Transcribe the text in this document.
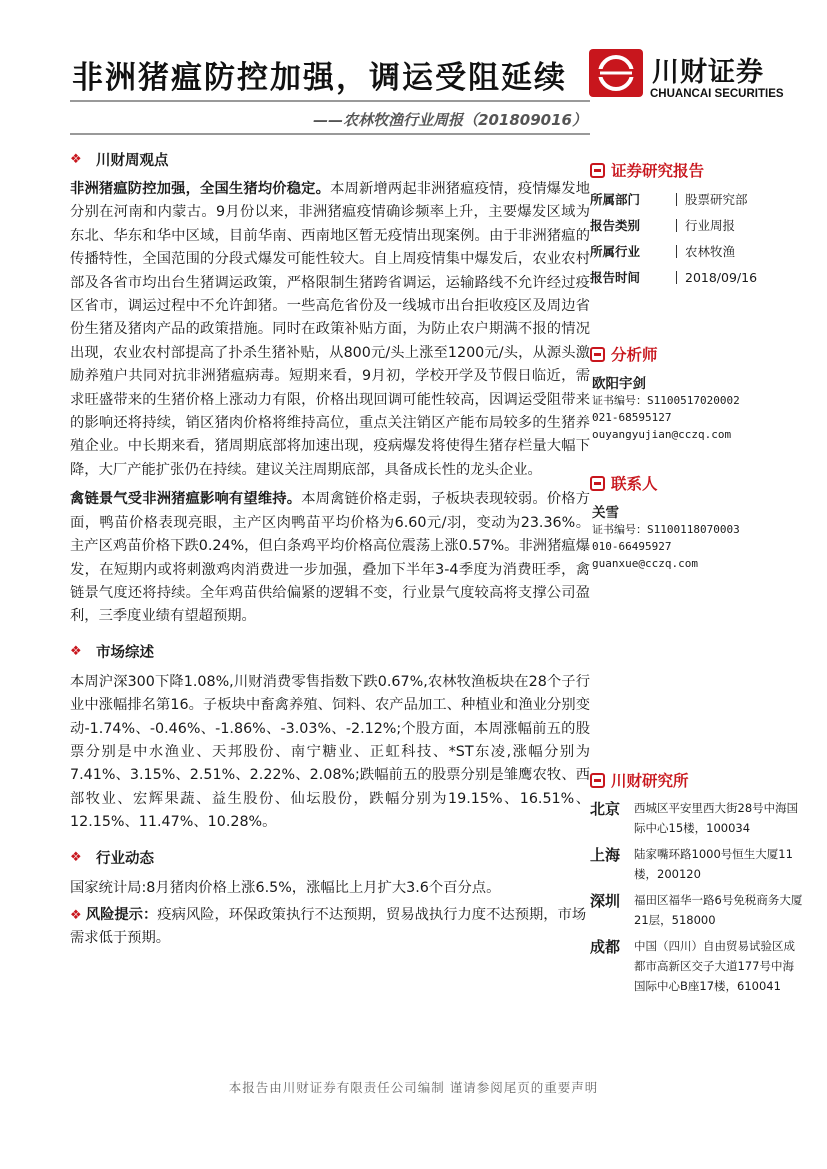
非洲猪瘟防控加强，调运受阻延续
——农林牧渔行业周报（201809016）
川财证券
CHUANCAI SECURITIES
❖ 川财周观点

非洲猪瘟防控加强，全国生猪均价稳定。本周新增两起非洲猪瘟疫情，疫情爆发地分别在河南和内蒙古。9月份以来，非洲猪瘟疫情确诊频率上升，主要爆发区域为东北、华东和华中区域，目前华南、西南地区暂无疫情出现案例。由于非洲猪瘟的传播特性，全国范围的分段式爆发可能性较大。自上周疫情集中爆发后，农业农村部及各省市均出台生猪调运政策，严格限制生猪跨省调运，运输路线不允许经过疫区省市，调运过程中不允许卸猪。一些高危省份及一线城市出台拒收疫区及周边省份生猪及猪肉产品的政策措施。同时在政策补贴方面，为防止农户期满不报的情况出现，农业农村部提高了扑杀生猪补贴，从800元/头上涨至1200元/头，从源头激励养殖户共同对抗非洲猪瘟病毒。短期来看，9月初，学校开学及节假日临近，需求旺盛带来的生猪价格上涨动力有限，价格出现回调可能性较高，因调运受阻带来的影响还将持续，销区猪肉价格将维持高位，重点关注销区产能布局较多的生猪养殖企业。中长期来看，猪周期底部将加速出现，疫病爆发将使得生猪存栏量大幅下降，大厂产能扩张仍在持续。建议关注周期底部，具备成长性的龙头企业。

禽链景气受非洲猪瘟影响有望维持。本周禽链价格走弱，子板块表现较弱。价格方面，鸭苗价格表现亮眼，主产区肉鸭苗平均价格为6.60元/羽，变动为23.36%。主产区鸡苗价格下跌0.24%，但白条鸡平均价格高位震荡上涨0.57%。非洲猪瘟爆发，在短期内或将刺激鸡肉消费进一步加强，叠加下半年3-4季度为消费旺季，禽链景气度还将持续。全年鸡苗供给偏紧的逻辑不变，行业景气度较高将支撑公司盈利，三季度业绩有望超预期。

❖ 市场综述

本周沪深300下降1.08%,川财消费零售指数下跌0.67%,农林牧渔板块在28个子行业中涨幅排名第16。子板块中畜禽养殖、饲料、农产品加工、种植业和渔业分别变动-1.74%、-0.46%、-1.86%、-3.03%、-2.12%;个股方面，本周涨幅前五的股票分别是中水渔业、天邦股份、南宁糖业、正虹科技、*ST东凌,涨幅分别为7.41%、3.15%、2.51%、2.22%、2.08%;跌幅前五的股票分别是雏鹰农牧、西部牧业、宏辉果蔬、益生股份、仙坛股份，跌幅分别为19.15%、16.51%、12.15%、11.47%、10.28%。

❖ 行业动态

国家统计局:8月猪肉价格上涨6.5%，涨幅比上月扩大3.6个百分点。

❖ 风险提示：疫病风险，环保政策执行不达预期，贸易战执行力度不达预期，市场需求低于预期。

证券研究报告
所属部门	股票研究部
报告类别	行业周报
所属行业	农林牧渔
报告时间	2018/09/16
分析师
欧阳宇剑
证书编号：S1100517020002
021-68595127
ouyangyujian@cczq.com
联系人
关雪
证书编号：S1100118070003
010-66495927
guanxue@cczq.com
川财研究所
北京	西城区平安里西大街28号中海国际中心15楼，100034
上海	陆家嘴环路1000号恒生大厦11楼，200120
深圳	福田区福华一路6号免税商务大厦21层，518000
成都	中国（四川）自由贸易试验区成都市高新区交子大道177号中海国际中心B座17楼，610041
本报告由川财证券有限责任公司编制 谨请参阅尾页的重要声明
